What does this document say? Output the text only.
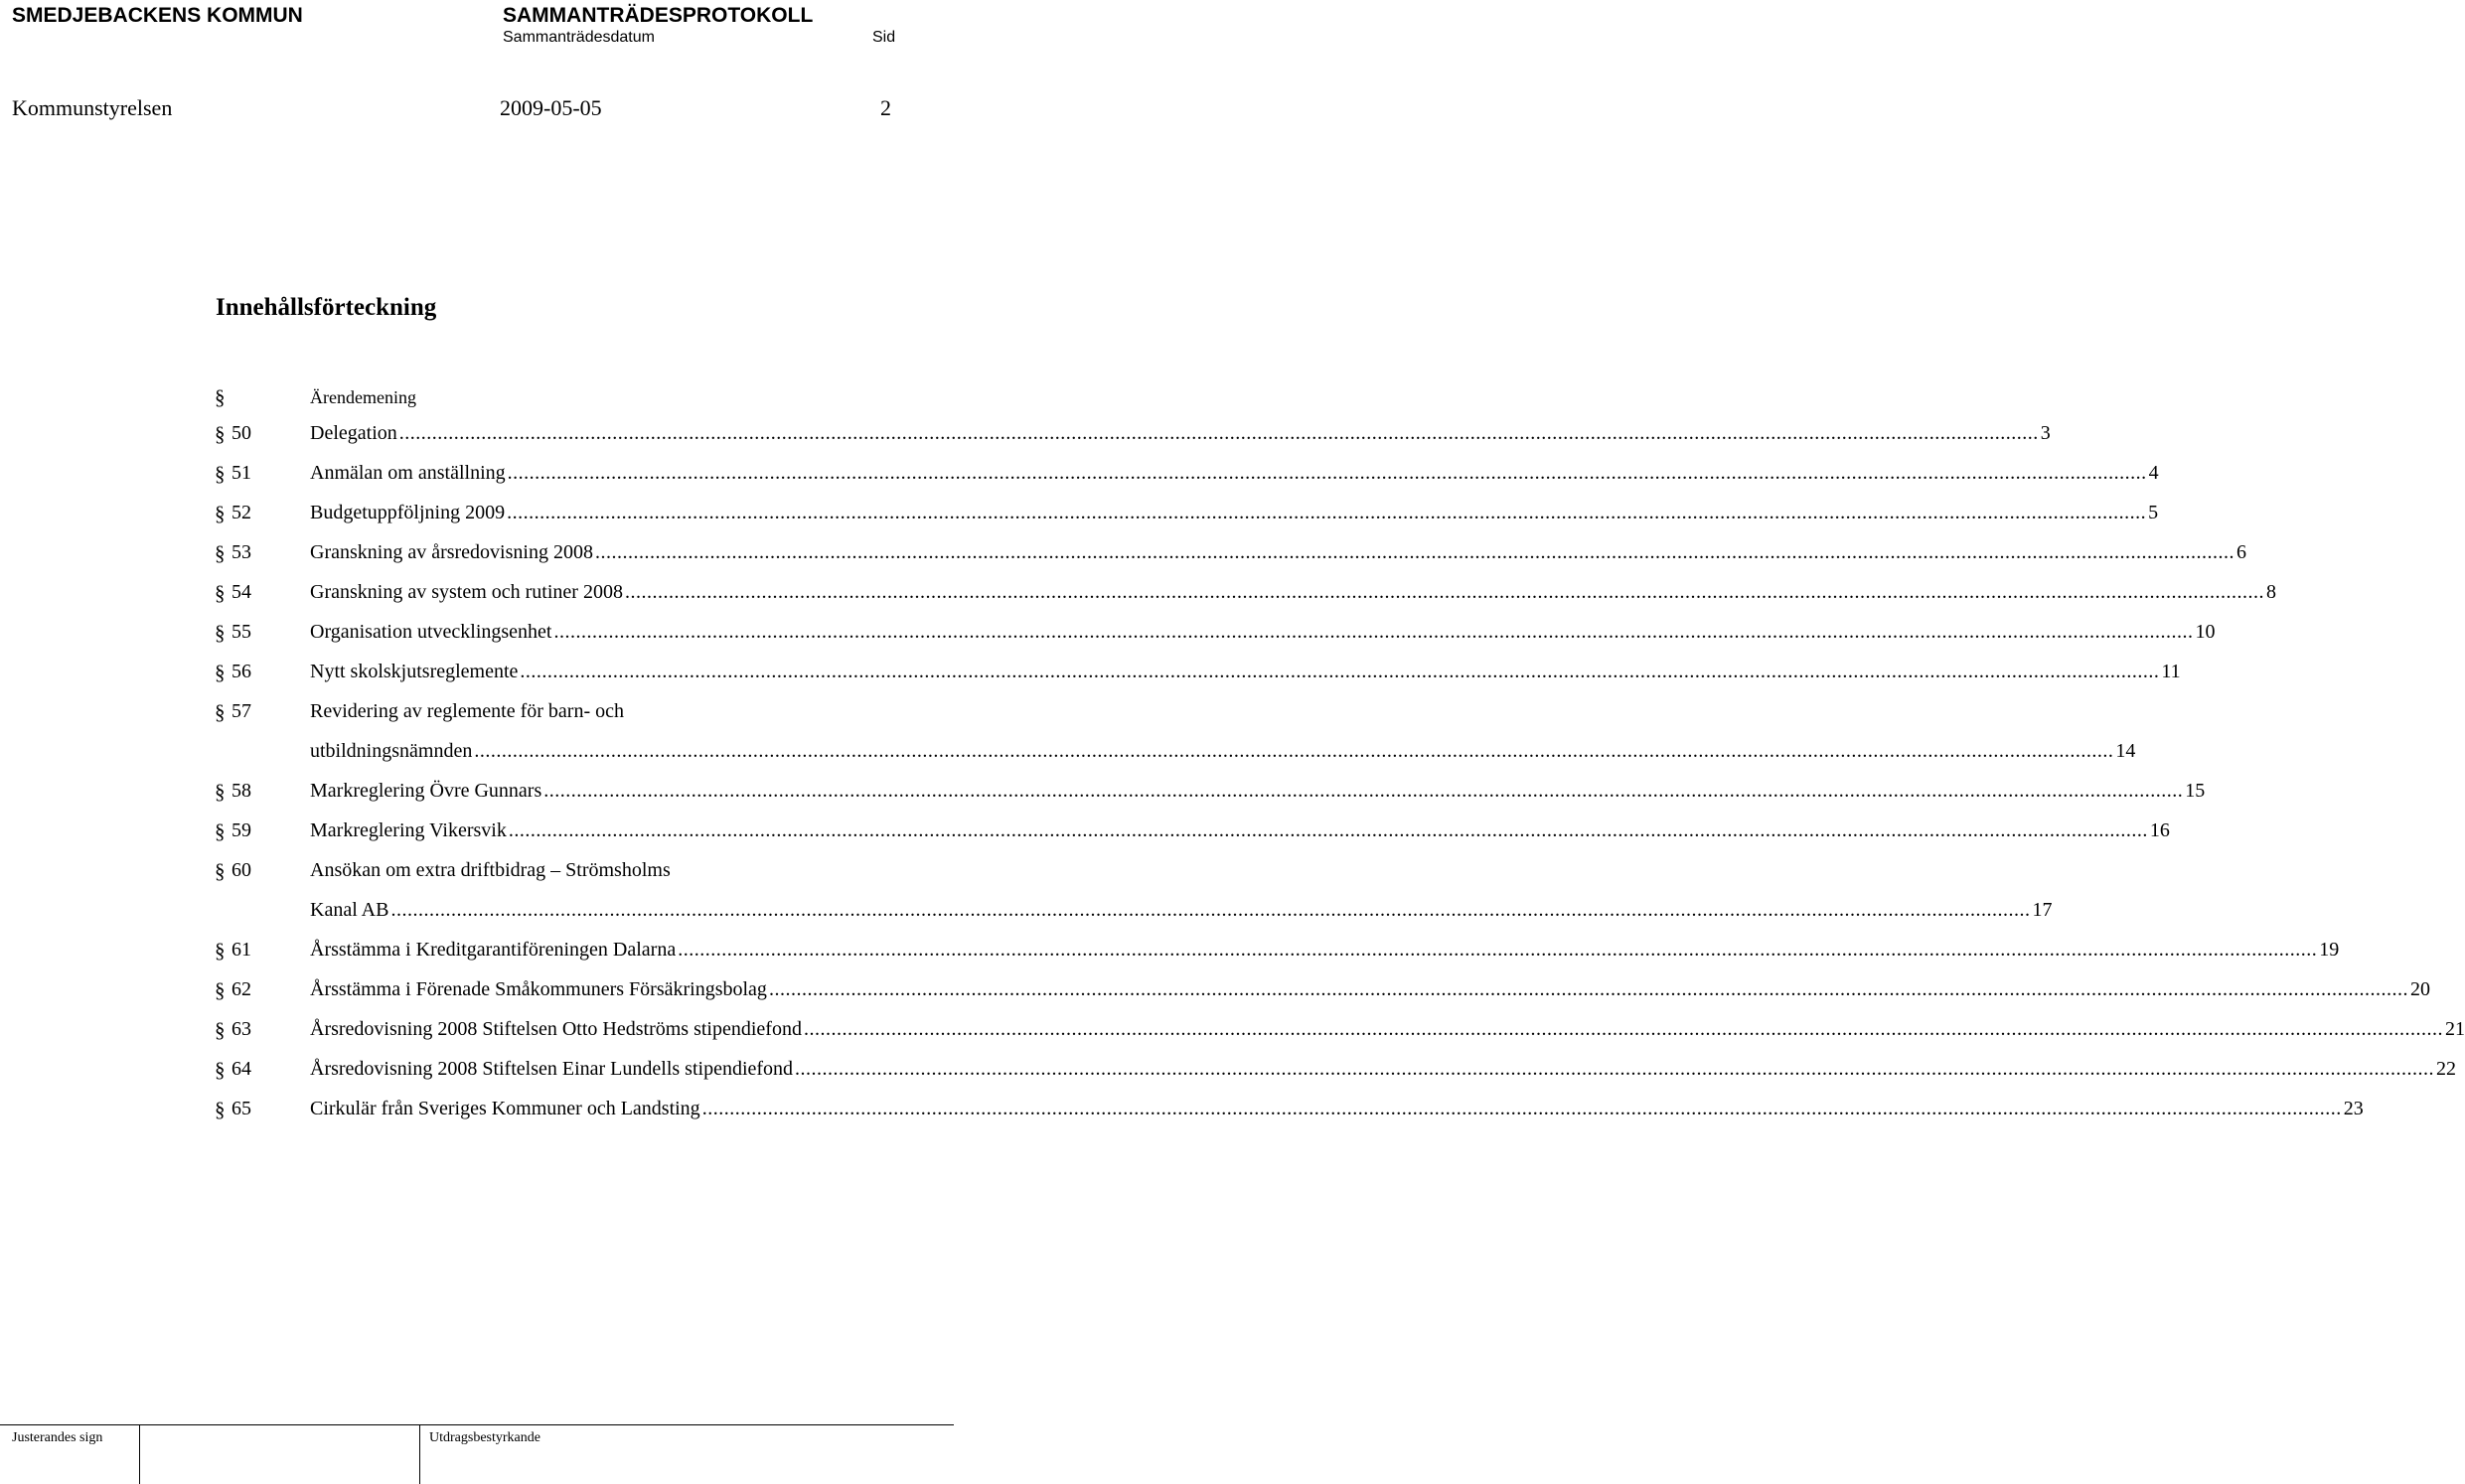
SMEDJEBACKENS KOMMUN	SAMMANTRÄDESPROTOKOLL
Sammanträdesdatum	Sid
Kommunstyrelsen	2009-05-05	2
Innehållsförteckning
§	Ärendemening
§ 50	Delegation ............................................................................................................................................................................................................................................................................................................ 3
§ 51	Anmälan om anställning ............................................................................................................................................................................................................................................................................................................ 4
§ 52	Budgetuppföljning 2009 ............................................................................................................................................................................................................................................................................................................ 5
§ 53	Granskning av årsredovisning 2008 ............................................................................................................................................................................................................................................................................................................ 6
§ 54	Granskning av system och rutiner 2008 ............................................................................................................................................................................................................................................................................................................ 8
§ 55	Organisation utvecklingsenhet ............................................................................................................................................................................................................................................................................................................ 10
§ 56	Nytt skolskjutsreglemente ............................................................................................................................................................................................................................................................................................................ 11
§ 57	Revidering av reglemente för barn- och
utbildningsnämnden ............................................................................................................................................................................................................................................................................................................ 14
§ 58	Markreglering Övre Gunnars ............................................................................................................................................................................................................................................................................................................ 15
§ 59	Markreglering Vikersvik ............................................................................................................................................................................................................................................................................................................ 16
§ 60	Ansökan om extra driftbidrag – Strömsholms
Kanal AB ............................................................................................................................................................................................................................................................................................................ 17
§ 61	Årsstämma i Kreditgarantiföreningen Dalarna ............................................................................................................................................................................................................................................................................................................ 19
§ 62	Årsstämma i Förenade Småkommuners Försäkringsbolag ............................................................................................................................................................................................................................................................................................................ 20
§ 63	Årsredovisning 2008 Stiftelsen Otto Hedströms stipendiefond ............................................................................................................................................................................................................................................................................................................ 21
§ 64	Årsredovisning 2008 Stiftelsen Einar Lundells stipendiefond ............................................................................................................................................................................................................................................................................................................ 22
§ 65	Cirkulär från Sveriges Kommuner och Landsting ............................................................................................................................................................................................................................................................................................................ 23
Justerandes sign	Utdragsbestyrkande
